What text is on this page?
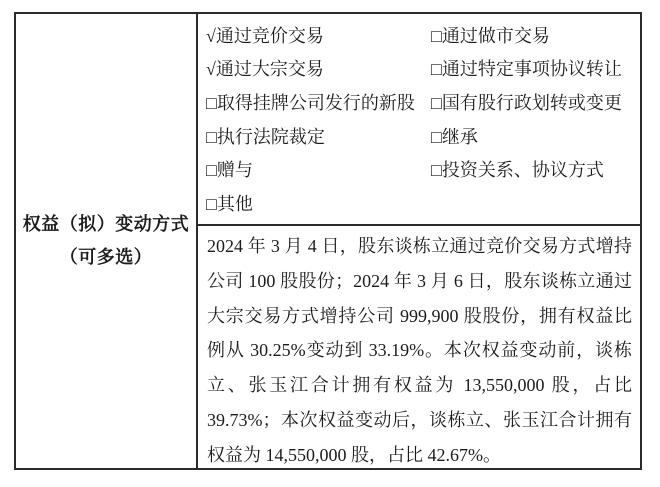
权益（拟）变动方式
（可多选）
√通过竞价交易	□通过做市交易
√通过大宗交易	□通过特定事项协议转让
□取得挂牌公司发行的新股 □国有股行政划转或变更
□执行法院裁定	□继承
□赠与	□投资关系、协议方式
□其他
2024 年 3 月 4 日，股东谈栋立通过竞价交易方式增持公司 100 股股份；2024 年 3 月 6 日，股东谈栋立通过大宗交易方式增持公司 999,900 股股份，拥有权益比例从 30.25%变动到 33.19%。本次权益变动前，谈栋立、张玉江合计拥有权益为 13,550,000 股，占比 39.73%；本次权益变动后，谈栋立、张玉江合计拥有权益为 14,550,000 股，占比 42.67%。
